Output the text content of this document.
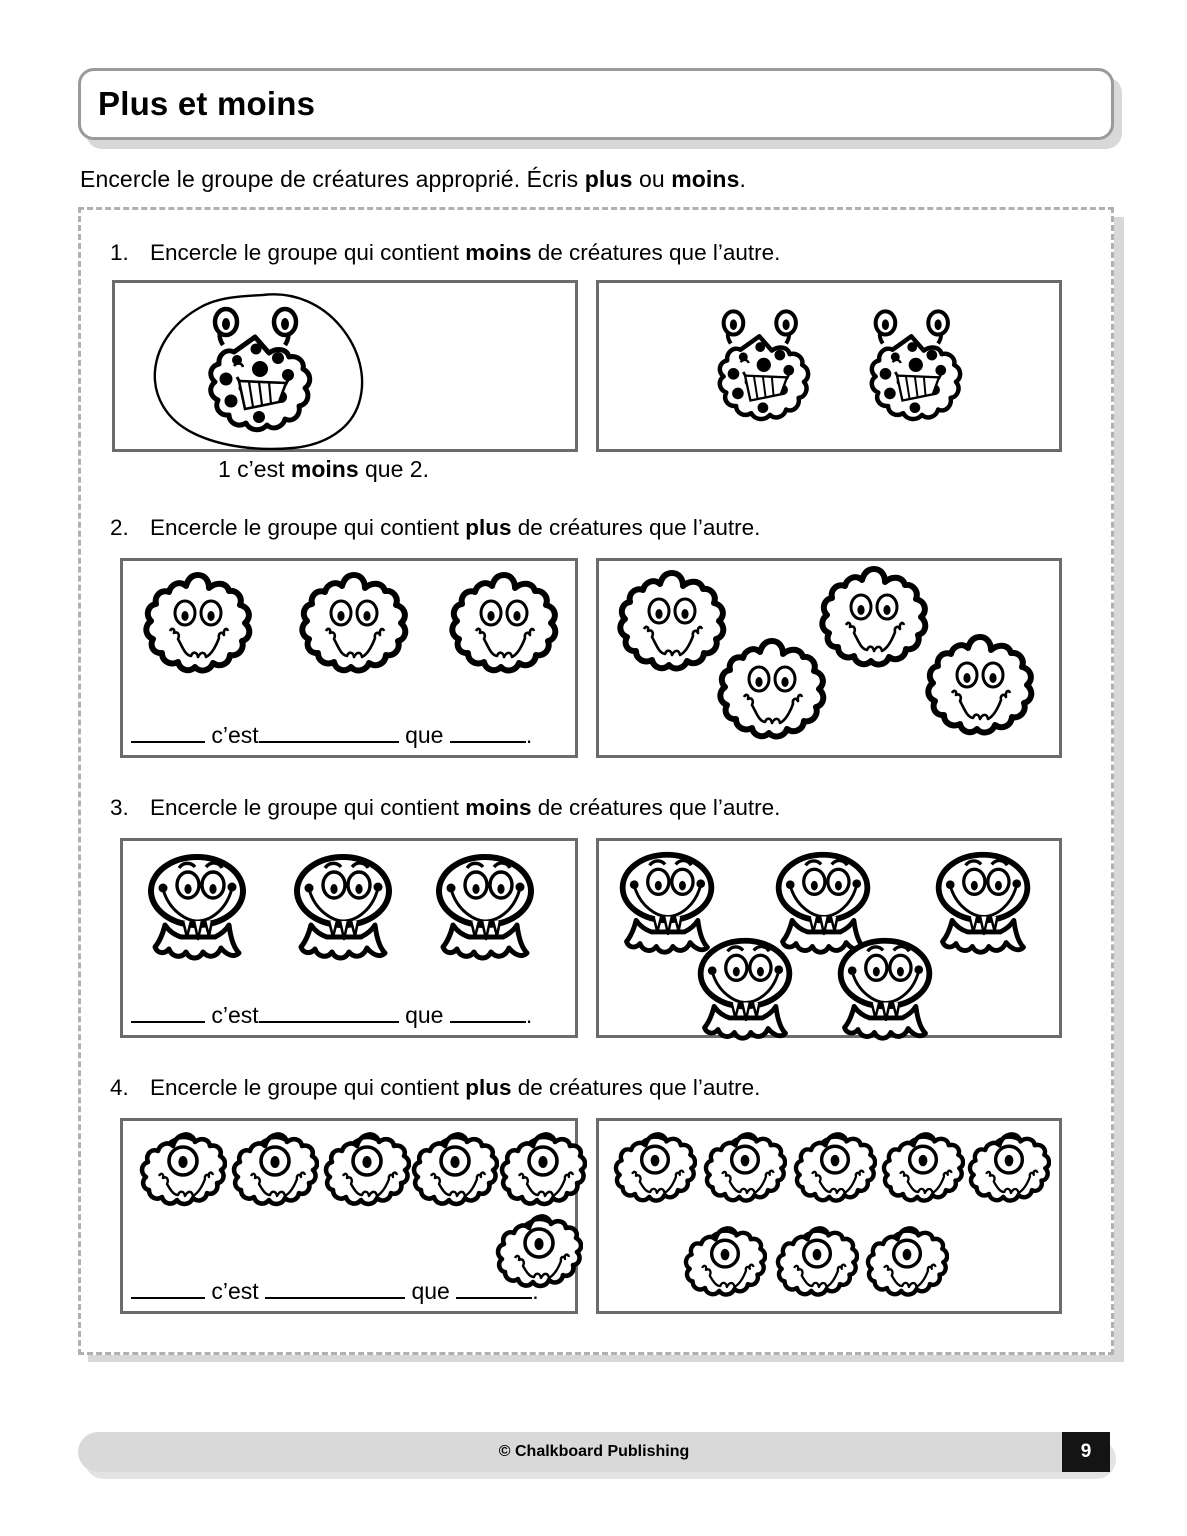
Plus et moins
Encercle le groupe de créatures approprié. Écris plus ou moins.
1. Encercle le groupe qui contient moins de créatures que l’autre.
1 c’est moins que 2.
2. Encercle le groupe qui contient plus de créatures que l’autre.
c’est	que	.
3. Encercle le groupe qui contient moins de créatures que l’autre.
c’est	que	.
4. Encercle le groupe qui contient plus de créatures que l’autre.
c’est	que	.
© Chalkboard Publishing	9
